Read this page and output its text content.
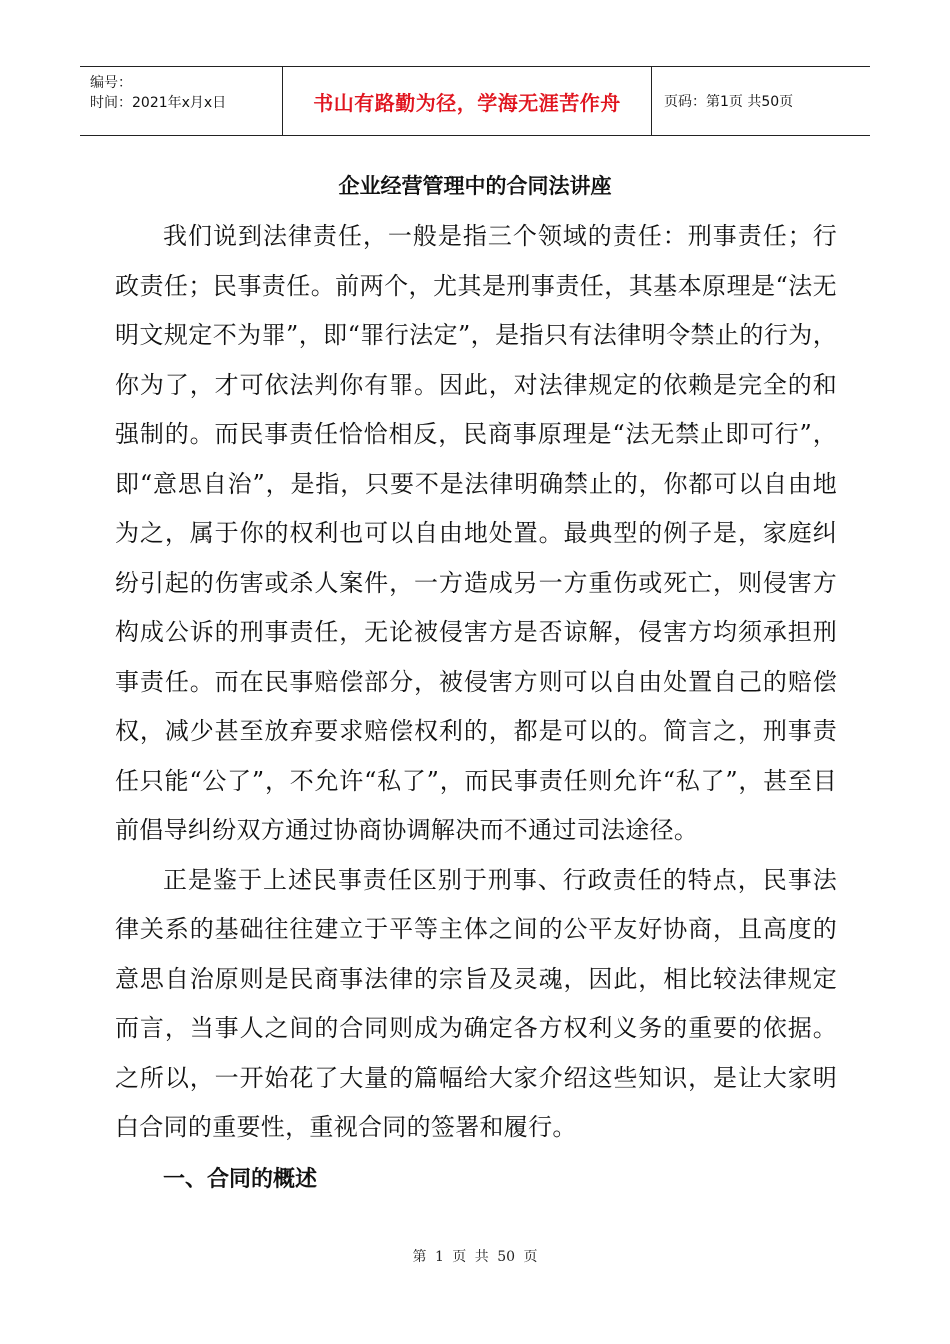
编号：
时间：2021年x月x日	书山有路勤为径，学海无涯苦作舟	页码：第1页 共50页
企业经营管理中的合同法讲座

我们说到法律责任，一般是指三个领域的责任：刑事责任；行政责任；民事责任。前两个，尤其是刑事责任，其基本原理是“法无明文规定不为罪”，即“罪行法定”，是指只有法律明令禁止的行为，你为了，才可依法判你有罪。因此，对法律规定的依赖是完全的和强制的。而民事责任恰恰相反，民商事原理是“法无禁止即可行”，即“意思自治”，是指，只要不是法律明确禁止的，你都可以自由地为之，属于你的权利也可以自由地处置。最典型的例子是，家庭纠纷引起的伤害或杀人案件，一方造成另一方重伤或死亡，则侵害方构成公诉的刑事责任，无论被侵害方是否谅解，侵害方均须承担刑事责任。而在民事赔偿部分，被侵害方则可以自由处置自己的赔偿权，减少甚至放弃要求赔偿权利的，都是可以的。简言之，刑事责任只能“公了”，不允许“私了”，而民事责任则允许“私了”，甚至目前倡导纠纷双方通过协商协调解决而不通过司法途径。

正是鉴于上述民事责任区别于刑事、行政责任的特点，民事法律关系的基础往往建立于平等主体之间的公平友好协商，且高度的意思自治原则是民商事法律的宗旨及灵魂，因此，相比较法律规定而言，当事人之间的合同则成为确定各方权利义务的重要的依据。之所以，一开始花了大量的篇幅给大家介绍这些知识，是让大家明白合同的重要性，重视合同的签署和履行。

一、合同的概述

第 1 页 共 50 页
